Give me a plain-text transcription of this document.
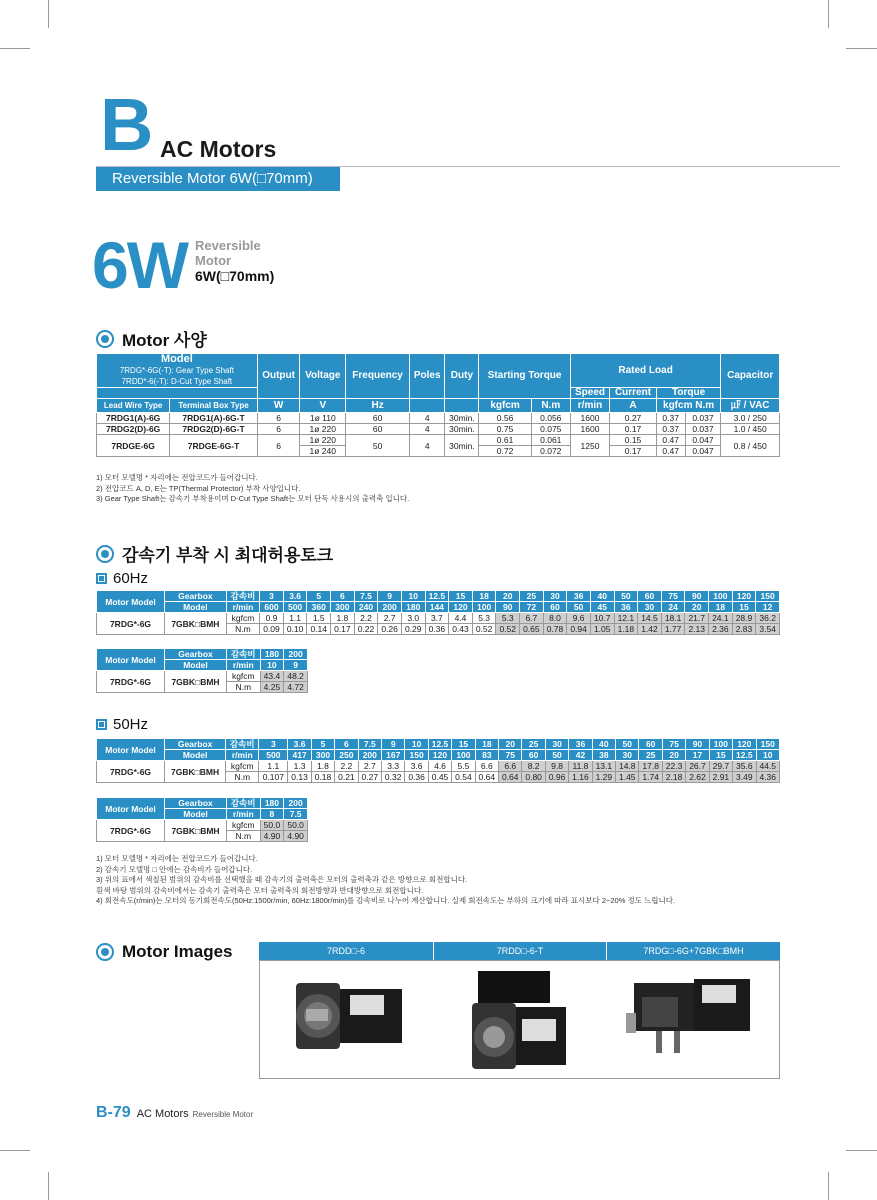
B AC Motors
Reversible Motor 6W(□70mm)
6W Reversible
Motor
6W(□70mm)
Motor 사양
Model
7RDG*-6G(-T): Gear Type Shaft
7RDD*-6(-T): D-Cut Type Shaft		Output	Voltage	Frequency	Poles	Duty	Starting Torque		Rated Load				Capacitor
									Speed	Current	Torque		
Lead Wire Type	Terminal Box Type	W	V	Hz			kgfcm	N.m	r/min	A	kgfcm N.m		㎌ / VAC
7RDG1(A)-6G	7RDG1(A)-6G-T	6	1ø 110	60	4	30min.	0.56	0.056	1600	0.27	0.37	0.037	3.0 / 250
7RDG2(D)-6G	7RDG2(D)-6G-T	6	1ø 220	60	4	30min.	0.75	0.075	1600	0.17	0.37	0.037	1.0 / 450
7RDGE-6G	7RDGE-6G-T	6	1ø 220	50	4	30min.	0.61	0.061	1250	0.15	0.47	0.047	0.8 / 450
			1ø 240				0.72	0.072		0.17	0.47	0.047	
1) 모터 모델명 * 자리에는 전압코드가 들어갑니다.
2) 전압코드 A, D, E는 TP(Thermal Protector) 부착 사양입니다.
3) Gear Type Shaft는 감속기 부착용이며 D-Cut Type Shaft는 모터 단독 사용시의 출력축 입니다.
감속기 부착 시 최대허용토크
60Hz
Motor Model	Gearbox	감속비	3	3.6	5	6	7.5	9	10	12.5	15	18	20	25	30	36	40	50	60	75	90	100	120	150
	Model	r/min	600	500	360	300	240	200	180	144	120	100	90	72	60	50	45	36	30	24	20	18	15	12
7RDG*-6G	7GBK□BMH	kgfcm	0.9	1.1	1.5	1.8	2.2	2.7	3.0	3.7	4.4	5.3	5.3	6.7	8.0	9.6	10.7	12.1	14.5	18.1	21.7	24.1	28.9	36.2
		N.m	0.09	0.10	0.14	0.17	0.22	0.26	0.29	0.36	0.43	0.52	0.52	0.65	0.78	0.94	1.05	1.18	1.42	1.77	2.13	2.36	2.83	3.54
Motor Model	Gearbox	감속비	180	200
	Model	r/min	10	9
7RDG*-6G	7GBK□BMH	kgfcm	43.4	48.2
		N.m	4.25	4.72
50Hz
Motor Model	Gearbox	감속비	3	3.6	5	6	7.5	9	10	12.5	15	18	20	25	30	36	40	50	60	75	90	100	120	150
	Model	r/min	500	417	300	250	200	167	150	120	100	83	75	60	50	42	38	30	25	20	17	15	12.5	10
7RDG*-6G	7GBK□BMH	kgfcm	1.1	1.3	1.8	2.2	2.7	3.3	3.6	4.6	5.5	6.6	6.6	8.2	9.8	11.8	13.1	14.8	17.8	22.3	26.7	29.7	35.6	44.5
		N.m	0.107	0.13	0.18	0.21	0.27	0.32	0.36	0.45	0.54	0.64	0.64	0.80	0.96	1.16	1.29	1.45	1.74	2.18	2.62	2.91	3.49	4.36
Motor Model	Gearbox	감속비	180	200
	Model	r/min	8	7.5
7RDG*-6G	7GBK□BMH	kgfcm	50.0	50.0
		N.m	4.90	4.90
1) 모터 모델명 * 자리에는 전압코드가 들어갑니다.
2) 감속기 모델명 □ 안에는 감속비가 들어갑니다.
3) 위의 표에서 색칠된 범위의 감속비를 선택했을 때 감속기의 출력축은 모터의 출력축과 같은 방향으로 회전합니다.
흰색 바탕 범위의 감속비에서는 감속기 출력축은 모터 출력축의 회전방향과 반대방향으로 회전합니다.
4) 회전속도(r/min)는 모터의 동기회전속도(50Hz:1500r/min, 60Hz:1800r/min)를 감속비로 나누어 계산합니다. 실제 회전속도는 부하의 크기에 따라 표시보다 2~20% 정도 느립니다.
Motor Images	7RDD□-6	7RDD□-6-T	7RDG□-6G+7GBK□BMH
B-79 AC Motors Reversible Motor
